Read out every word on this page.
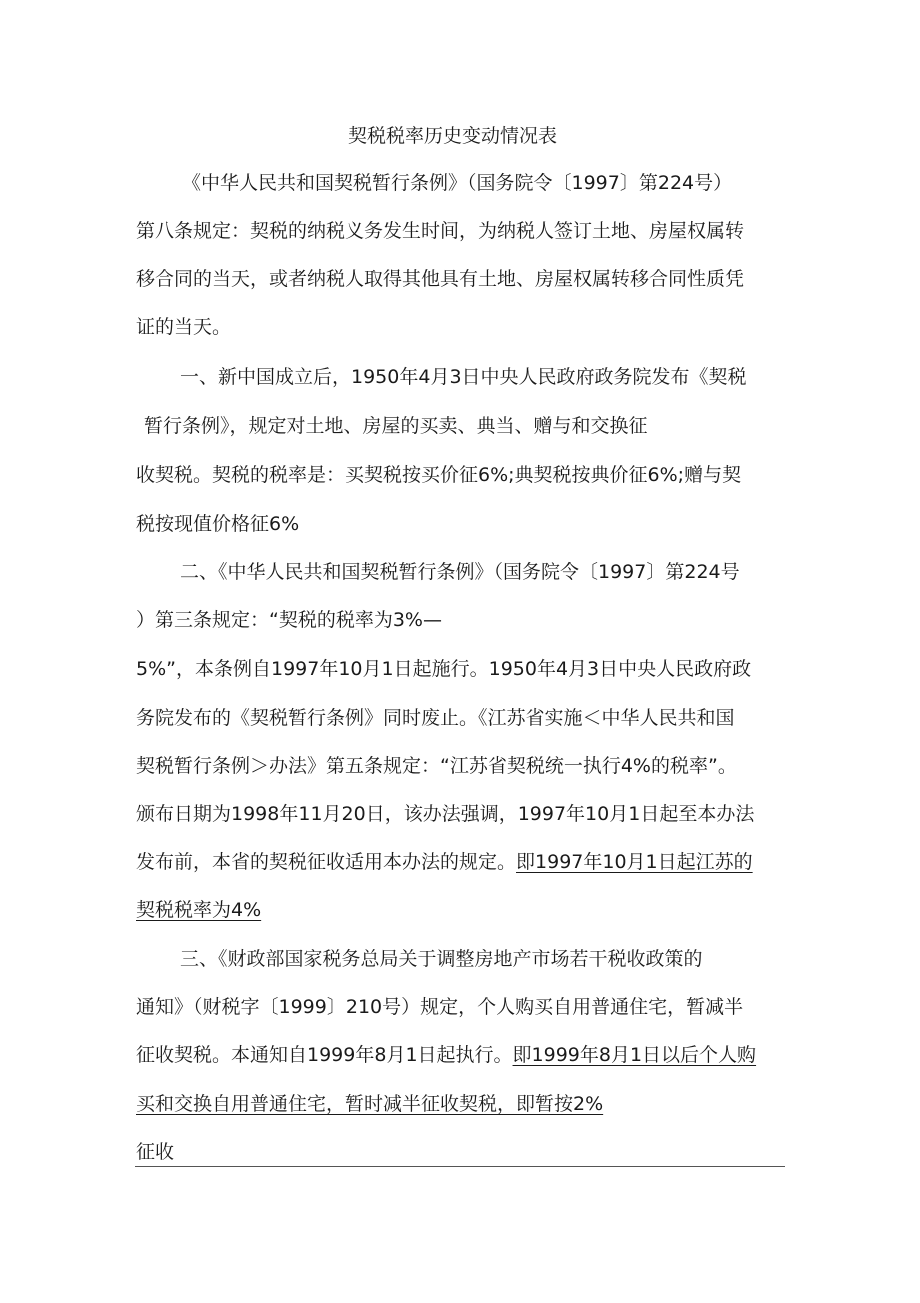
契税税率历史变动情况表
《中华人民共和国契税暂行条例》（国务院令〔1997〕第224号）
第八条规定：契税的纳税义务发生时间，为纳税人签订土地、房屋权属转
移合同的当天，或者纳税人取得其他具有土地、房屋权属转移合同性质凭
证的当天。
一、新中国成立后，1950年4月3日中央人民政府政务院发布《契税
暂行条例》，规定对土地、房屋的买卖、典当、赠与和交换征
收契税。契税的税率是：买契税按买价征6%;典契税按典价征6%;赠与契
税按现值价格征6%
二、《中华人民共和国契税暂行条例》（国务院令〔1997〕第224号
）第三条规定：“契税的税率为3%—
5%”，本条例自1997年10月1日起施行。1950年4月3日中央人民政府政
务院发布的《契税暂行条例》同时废止。《江苏省实施＜中华人民共和国
契税暂行条例＞办法》第五条规定：“江苏省契税统一执行4%的税率”。
颁布日期为1998年11月20日，该办法强调，1997年10月1日起至本办法
发布前，本省的契税征收适用本办法的规定。即1997年10月1日起江苏的
契税税率为4%
三、《财政部国家税务总局关于调整房地产市场若干税收政策的
通知》（财税字〔1999〕210号）规定，个人购买自用普通住宅，暂减半
征收契税。本通知自1999年8月1日起执行。即1999年8月1日以后个人购
买和交换自用普通住宅，暂时减半征收契税，即暂按2%
征收
